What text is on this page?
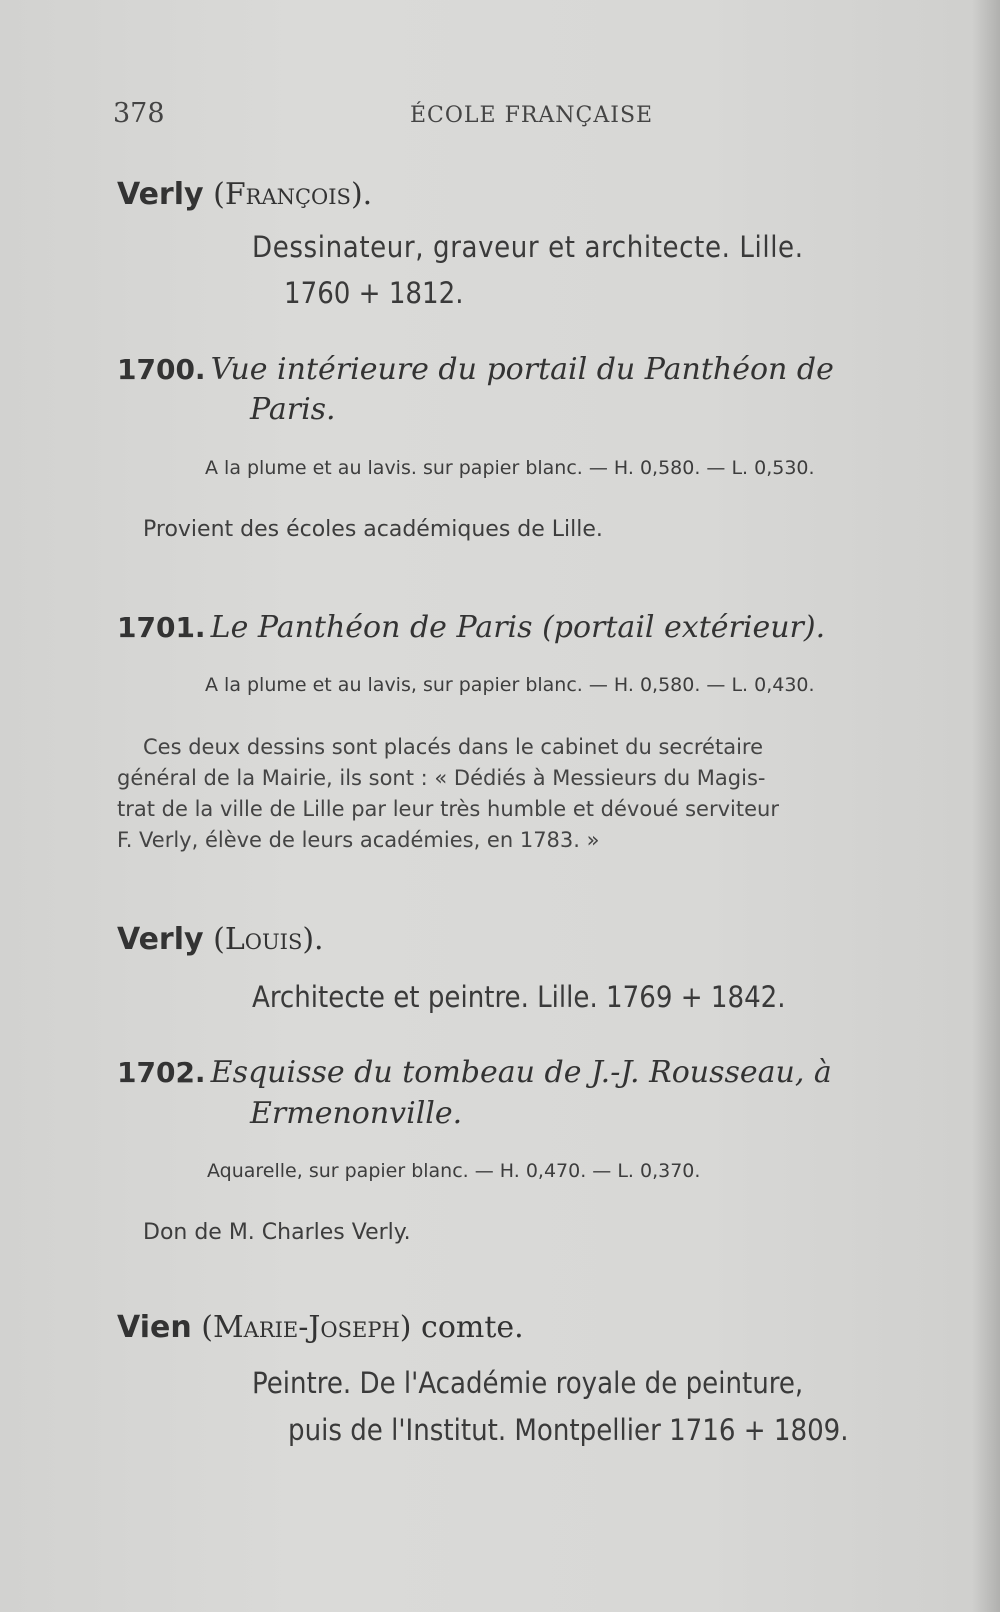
378	ÉCOLE FRANÇAISE
Verly (François).
Dessinateur, graveur et architecte. Lille.
1760 + 1812.
1700. Vue intérieure du portail du Panthéon de
Paris.
A la plume et au lavis. sur papier blanc. — H. 0,580. — L. 0,530.
Provient des écoles académiques de Lille.
1701. Le Panthéon de Paris (portail extérieur).
A la plume et au lavis, sur papier blanc. — H. 0,580. — L. 0,430.
Ces deux dessins sont placés dans le cabinet du secrétaire
général de la Mairie, ils sont : « Dédiés à Messieurs du Magis-
trat de la ville de Lille par leur très humble et dévoué serviteur
F. Verly, élève de leurs académies, en 1783. »
Verly (Louis).
Architecte et peintre. Lille. 1769 + 1842.
1702. Esquisse du tombeau de J.-J. Rousseau, à
Ermenonville.
Aquarelle, sur papier blanc. — H. 0,470. — L. 0,370.
Don de M. Charles Verly.
Vien (Marie-Joseph) comte.
Peintre. De l'Académie royale de peinture,
puis de l'Institut. Montpellier 1716 + 1809.
